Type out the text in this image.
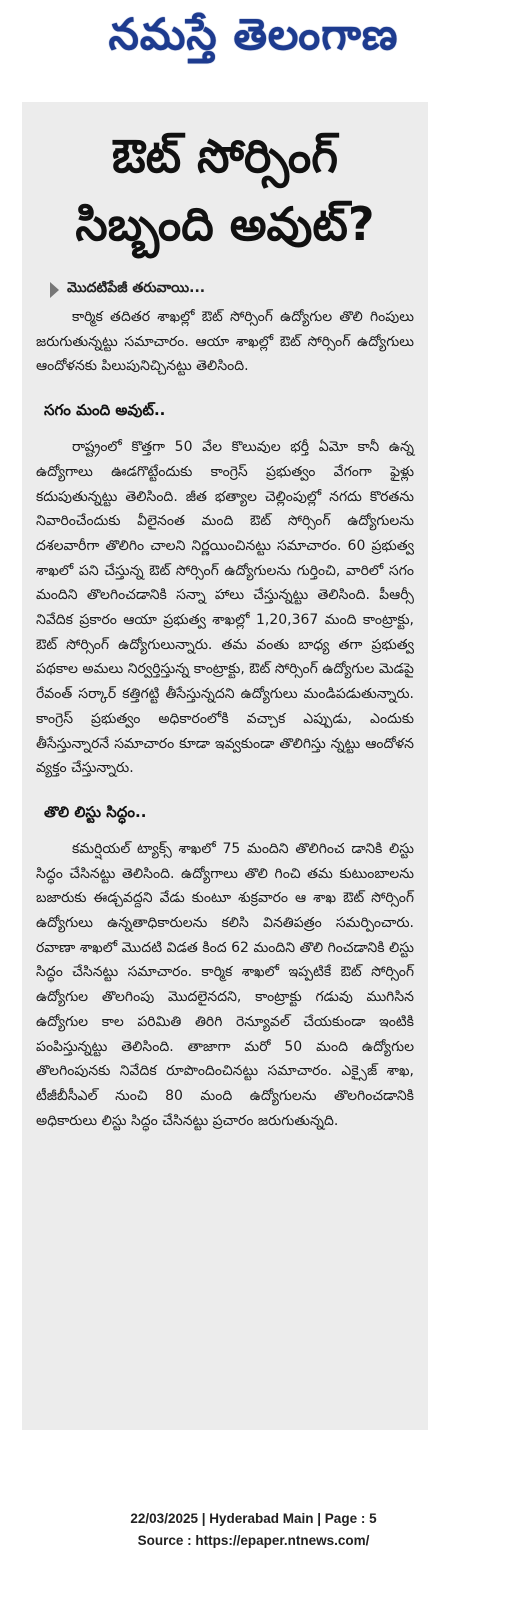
నమస్తే తెలంగాణ
ఔట్ సోర్సింగ్
సిబ్బంది అవుట్?
మొదటిపేజీ తరువాయి...

కార్మిక తదితర శాఖల్లో ఔట్ సోర్సింగ్ ఉద్యోగుల తొలి గింపులు జరుగుతున్నట్టు సమాచారం. ఆయా శాఖల్లో ఔట్ సోర్సింగ్ ఉద్యోగులు ఆందోళనకు పిలుపునిచ్చినట్టు తెలిసింది.

సగం మంది అవుట్..

రాష్ట్రంలో కొత్తగా 50 వేల కొలువుల భర్తీ ఏమో కానీ ఉన్న ఉద్యోగాలు ఊడగొట్టేందుకు కాంగ్రెస్ ప్రభుత్వం వేగంగా ఫైళ్లు కదుపుతున్నట్టు తెలిసింది. జీత భత్యాల చెల్లింపుల్లో నగదు కొరతను నివారించేందుకు వీలైనంత మంది ఔట్ సోర్సింగ్ ఉద్యోగులను దశలవారీగా తొలిగిం చాలని నిర్ణయించినట్టు సమాచారం. 60 ప్రభుత్వ శాఖలో పని చేస్తున్న ఔట్ సోర్సింగ్ ఉద్యోగులను గుర్తించి, వారిలో సగం మందిని తొలగించడానికి సన్నా హాలు చేస్తున్నట్టు తెలిసింది. పీఆర్సీ నివేదిక ప్రకారం ఆయా ప్రభుత్వ శాఖల్లో 1,20,367 మంది కాంట్రాక్టు, ఔట్ సోర్సింగ్ ఉద్యోగులున్నారు. తమ వంతు బాధ్య తగా ప్రభుత్వ పథకాల అమలు నిర్వర్తిస్తున్న కాంట్రాక్టు, ఔట్ సోర్సింగ్ ఉద్యోగుల మెడపై రేవంత్ సర్కార్ కత్తిగట్టి తీసేస్తున్నదని ఉద్యోగులు మండిపడుతున్నారు. కాంగ్రెస్ ప్రభుత్వం అధికారంలోకి వచ్చాక ఎప్పుడు, ఎందుకు తీసేస్తున్నారనే సమాచారం కూడా ఇవ్వకుండా తొలిగిస్తు న్నట్టు ఆందోళన వ్యక్తం చేస్తున్నారు.

తొలి లిస్టు సిద్ధం..

కమర్షియల్ ట్యాక్స్ శాఖలో 75 మందిని తొలిగించ డానికి లిస్టు సిద్ధం చేసినట్టు తెలిసింది. ఉద్యోగాలు తొలి గించి తమ కుటుంబాలను బజారుకు ఈడ్చవద్దని వేడు కుంటూ శుక్రవారం ఆ శాఖ ఔట్ సోర్సింగ్ ఉద్యోగులు ఉన్నతాధికారులను కలిసి వినతిపత్రం సమర్పించారు. రవాణా శాఖలో మొదటి విడత కింద 62 మందిని తొలి గించడానికి లిస్టు సిద్ధం చేసినట్టు సమాచారం. కార్మిక శాఖలో ఇప్పటికే ఔట్ సోర్సింగ్ ఉద్యోగుల తొలగింపు మొదలైనదని, కాంట్రాక్టు గడువు ముగిసిన ఉద్యోగుల కాల పరిమితి తిరిగి రెన్యూవల్ చేయకుండా ఇంటికి పంపిస్తున్నట్టు తెలిసింది. తాజాగా మరో 50 మంది ఉద్యోగుల తొలగింపునకు నివేదిక రూపొందించినట్టు సమాచారం. ఎక్సైజ్ శాఖ, టీజీబీసీఎల్ నుంచి 80 మంది ఉద్యోగులను తొలగించడానికి అధికారులు లిస్టు సిద్ధం చేసినట్టు ప్రచారం జరుగుతున్నది.

22/03/2025 | Hyderabad Main | Page : 5
Source : https://epaper.ntnews.com/
